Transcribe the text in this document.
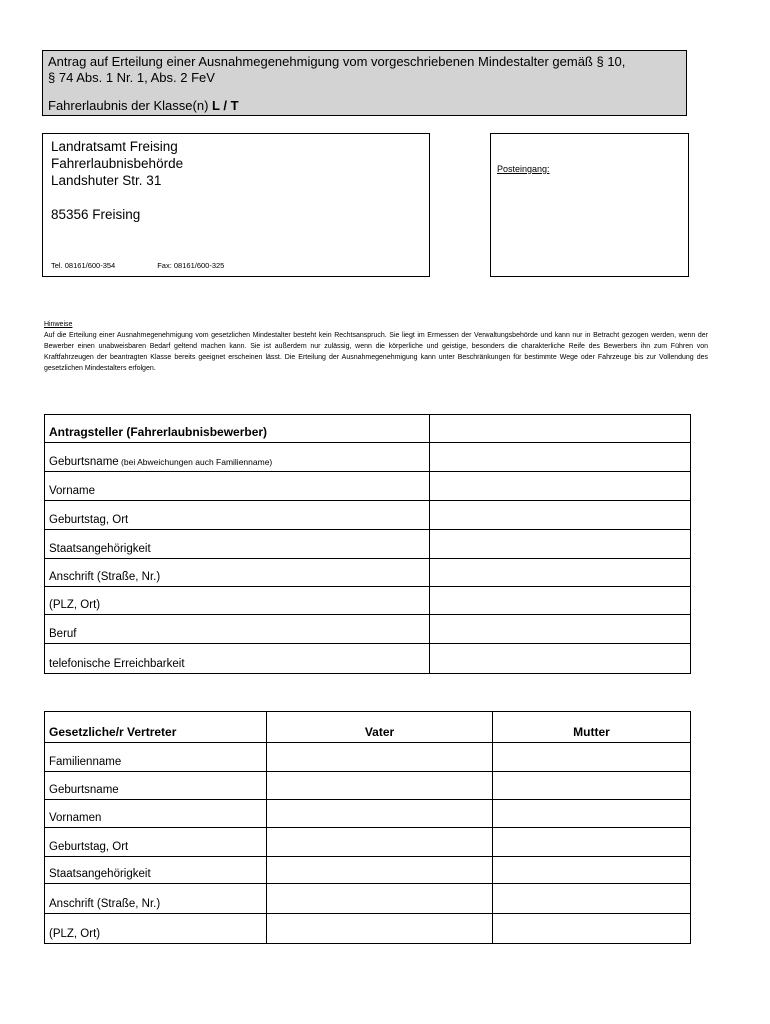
Antrag auf Erteilung einer Ausnahmegenehmigung vom vorgeschriebenen Mindestalter gemäß § 10,
§ 74 Abs. 1 Nr. 1, Abs. 2 FeV
Fahrerlaubnis der Klasse(n) L / T
Landratsamt Freising
Fahrerlaubnisbehörde
Landshuter Str. 31
85356 Freising
Tel. 08161/600-354	Fax: 08161/600-325
Posteingang:
Hinweise
Auf die Erteilung einer Ausnahmegenehmigung vom gesetzlichen Mindestalter besteht kein Rechtsanspruch. Sie liegt im Ermessen der Verwaltungsbehörde und kann nur in Betracht gezogen werden, wenn der Bewerber einen unabweisbaren Bedarf geltend machen kann. Sie ist außerdem nur zulässig, wenn die körperliche und geistige, besonders die charakterliche Reife des Bewerbers ihn zum Führen von Kraftfahrzeugen der beantragten Klasse bereits geeignet erscheinen lässt. Die Erteilung der Ausnahmegenehmigung kann unter Beschränkungen für bestimmte Wege oder Fahrzeuge bis zur Vollendung des gesetzlichen Mindestalters erfolgen.
Antragsteller (Fahrerlaubnisbewerber)	
Geburtsname (bei Abweichungen auch Familienname)	
Vorname	
Geburtstag, Ort	
Staatsangehörigkeit	
Anschrift (Straße, Nr.)	
(PLZ, Ort)	
Beruf	
telefonische Erreichbarkeit	
Gesetzliche/r Vertreter	Vater	Mutter
Familienname		
Geburtsname		
Vornamen		
Geburtstag, Ort		
Staatsangehörigkeit		
Anschrift (Straße, Nr.)		
(PLZ, Ort)		
